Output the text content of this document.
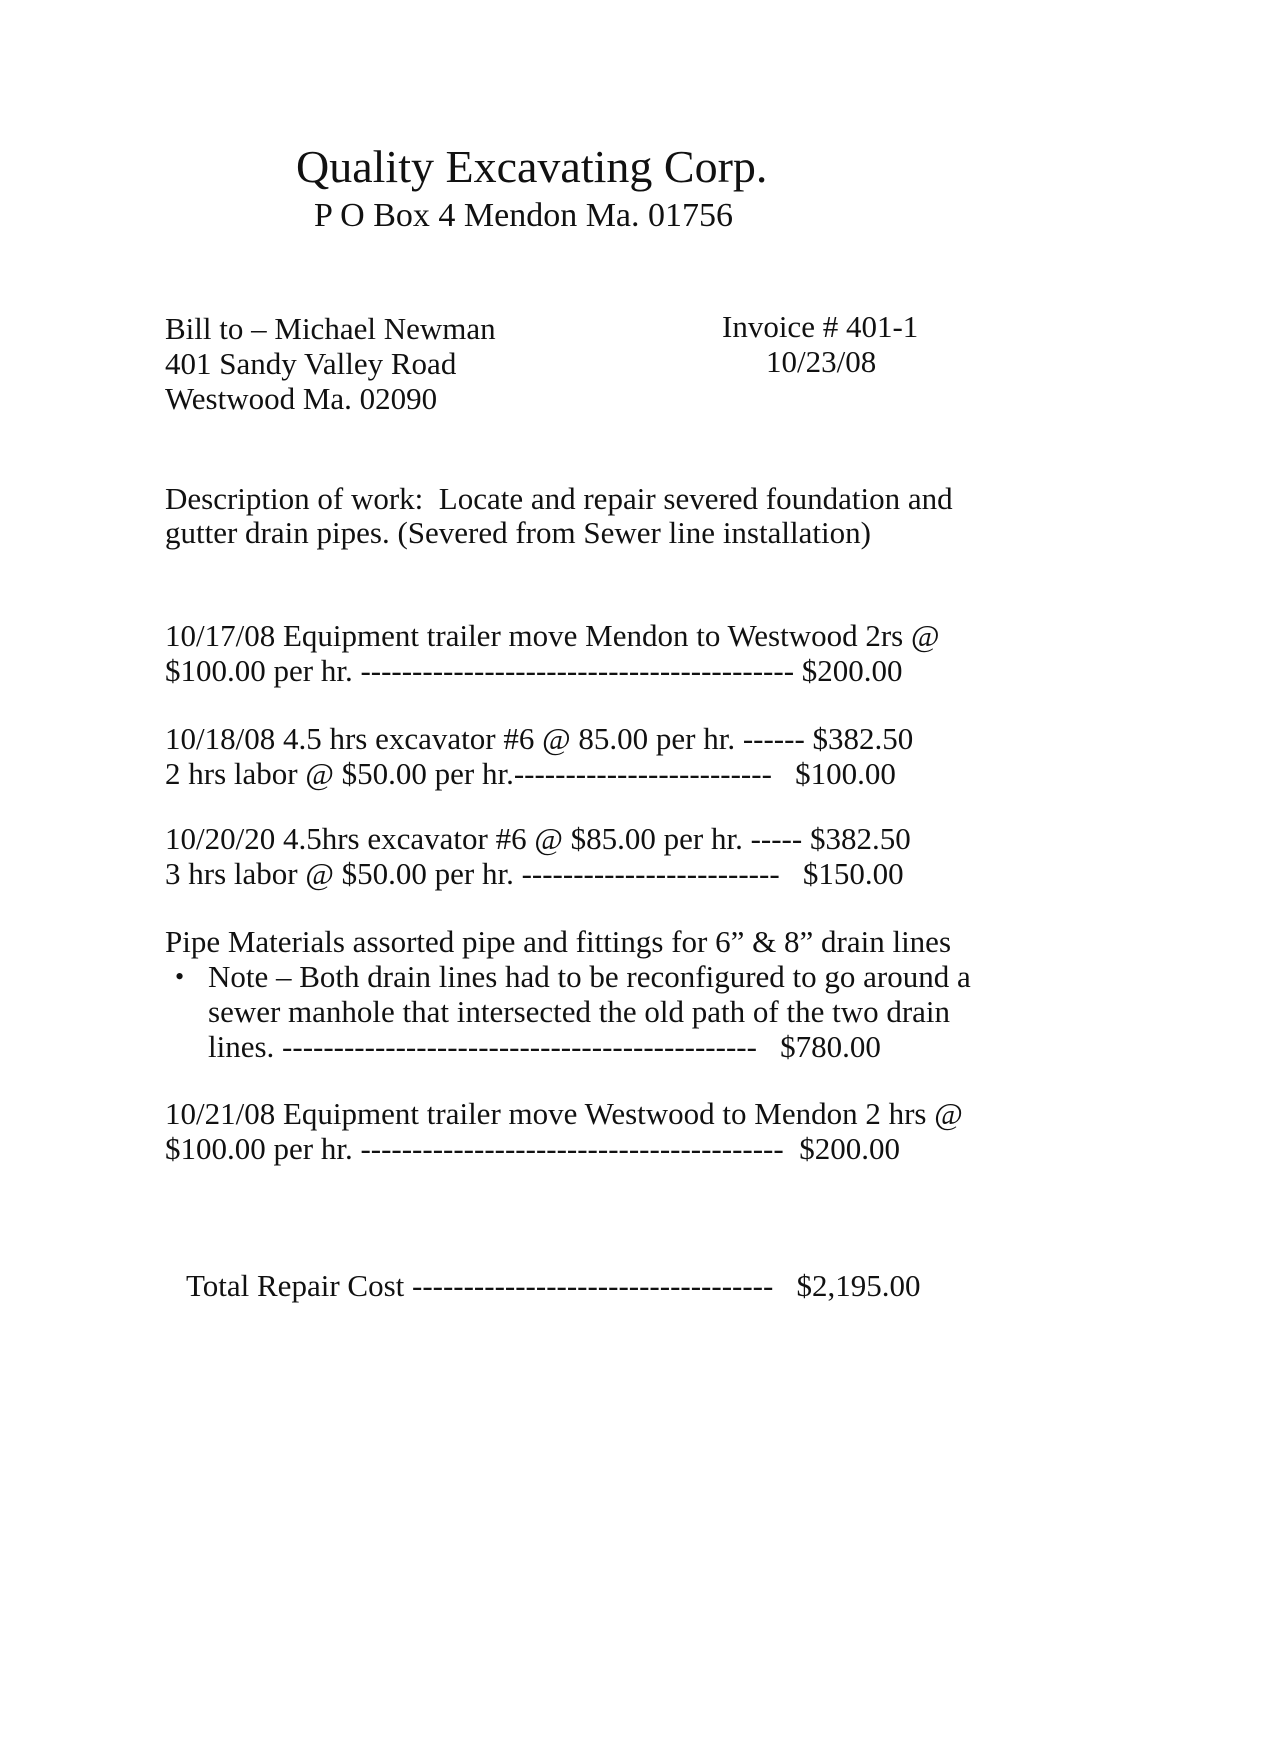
Quality Excavating Corp.
P O Box 4 Mendon Ma. 01756
Bill to – Michael Newman
401 Sandy Valley Road
Westwood Ma. 02090
Invoice # 401-1
10/23/08
Description of work:  Locate and repair severed foundation and
gutter drain pipes. (Severed from Sewer line installation)
10/17/08 Equipment trailer move Mendon to Westwood 2rs @
$100.00 per hr. ------------------------------------------ $200.00
10/18/08 4.5 hrs excavator #6 @ 85.00 per hr. ------ $382.50
2 hrs labor @ $50.00 per hr.-------------------------   $100.00
10/20/20 4.5hrs excavator #6 @ $85.00 per hr. ----- $382.50
3 hrs labor @ $50.00 per hr. -------------------------   $150.00
Pipe Materials assorted pipe and fittings for 6” & 8” drain lines
• Note – Both drain lines had to be reconfigured to go around a
sewer manhole that intersected the old path of the two drain
lines. ----------------------------------------------   $780.00
10/21/08 Equipment trailer move Westwood to Mendon 2 hrs @
$100.00 per hr. -----------------------------------------  $200.00
Total Repair Cost -----------------------------------   $2,195.00
